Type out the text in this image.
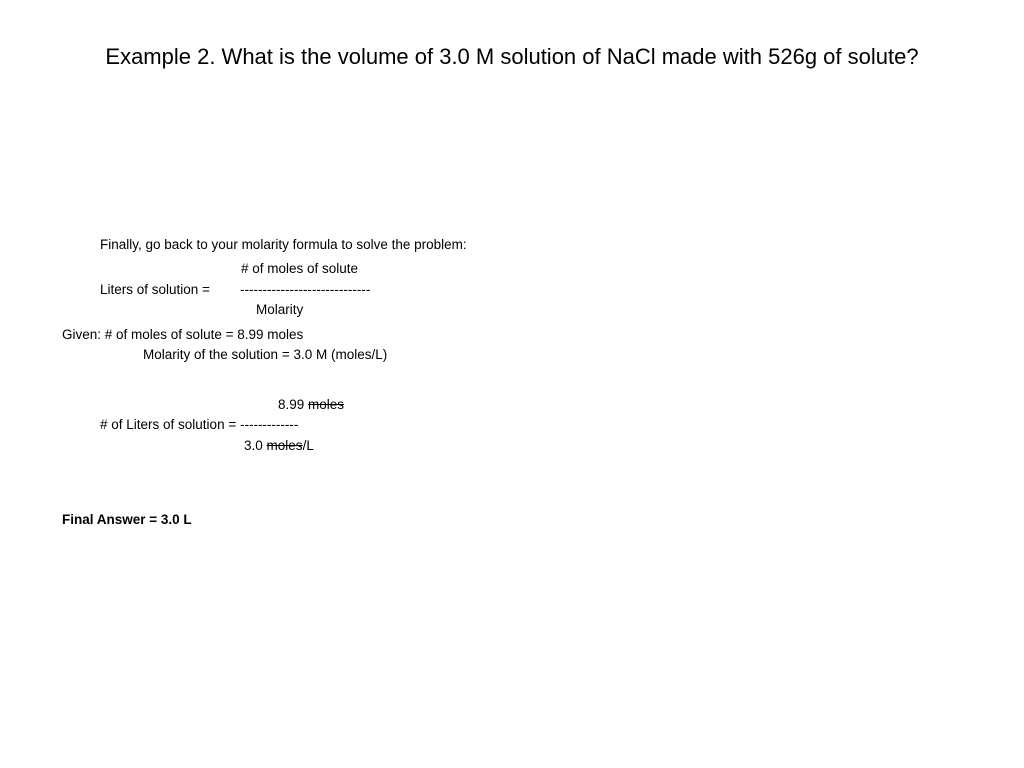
Example 2. What is the volume of 3.0 M solution of NaCl made with 526g of solute?
Finally, go back to your molarity formula to solve the problem:
# of moles of solute
Liters of solution = -----------------------------
Molarity
Given: # of moles of solute = 8.99 moles
Molarity of the solution = 3.0 M (moles/L)
8.99 moles
# of Liters of solution = -------------
3.0 moles/L
Final Answer = 3.0 L
